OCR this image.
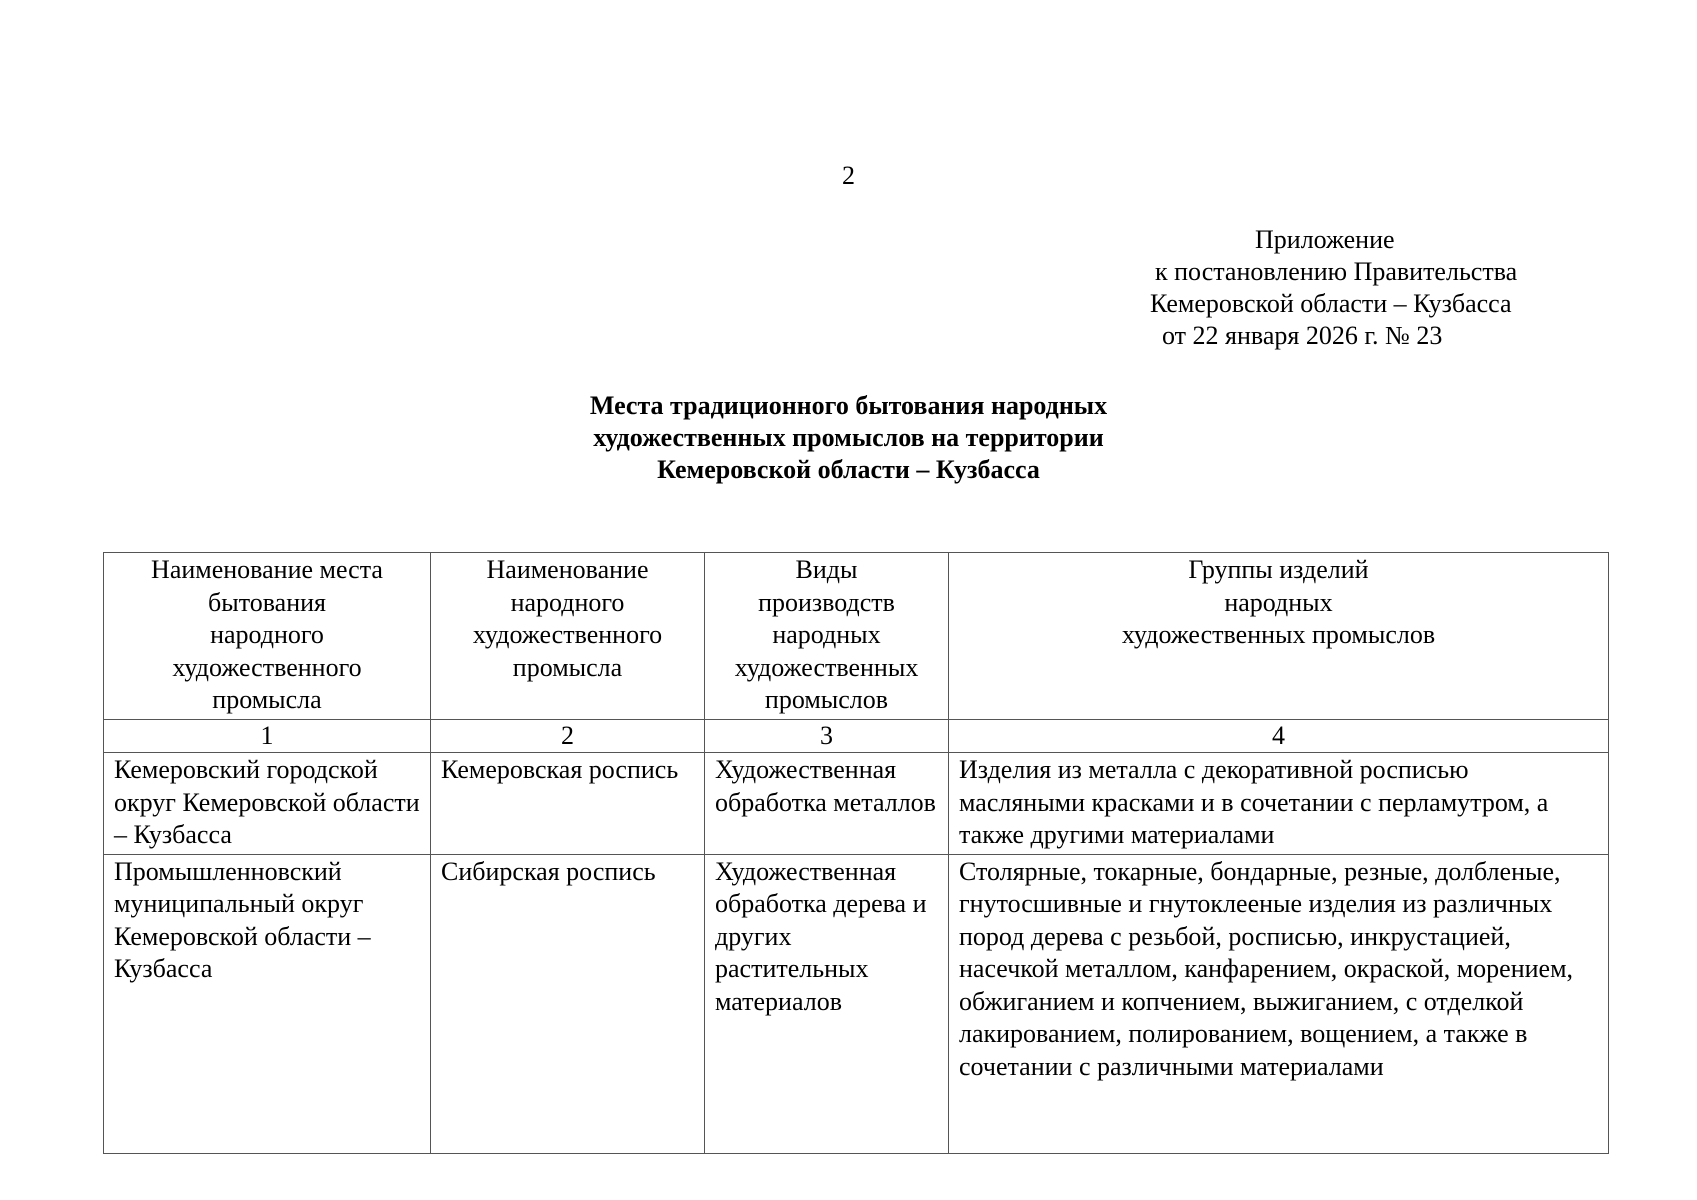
2
Приложение
к постановлению Правительства
Кемеровской области – Кузбасса
от 22 января 2026 г. № 23
Места традиционного бытования народных
художественных промыслов на территории
Кемеровской области – Кузбасса
Наименование места
бытования
народного
художественного
промысла	Наименование
народного
художественного
промысла	Виды
производств
народных
художественных
промыслов	Группы изделий
народных
художественных промыслов

1	2	3	4
Кемеровский городской округ Кемеровской области – Кузбасса	Кемеровская роспись	Художественная обработка металлов	Изделия из металла с декоративной росписью масляными красками и в сочетании с перламутром, а также другими материалами
Промышленновский муниципальный округ Кемеровской области – Кузбасса	Сибирская роспись	Художественная обработка дерева и других растительных материалов	Столярные, токарные, бондарные, резные, долбленые, гнутосшивные и гнутоклееные изделия из различных пород дерева с резьбой, росписью, инкрустацией, насечкой металлом, канфарением, окраской, морением, обжиганием и копчением, выжиганием, с отделкой лакированием, полированием, вощением, а также в сочетании с различными материалами
